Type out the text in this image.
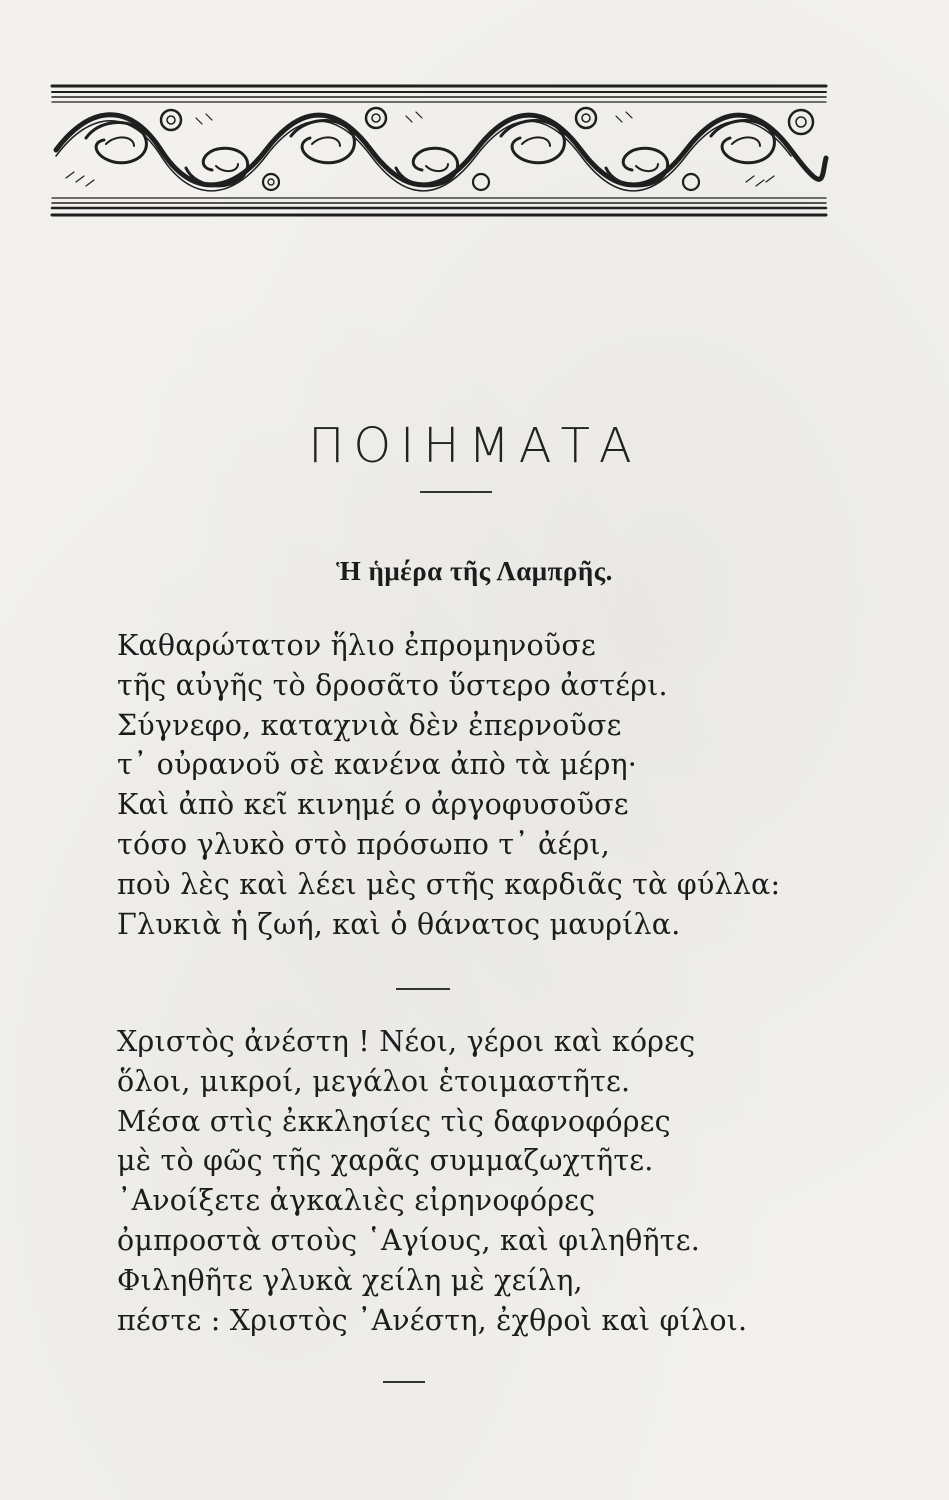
ΠΟΙΗΜΑΤΑ
Ἡ ἡμέρα τῆς Λαμπρῆς.
Καθαρώτατον ἥλιο ἐπρομηνοῦσε
τῆς αὐγῆς τὸ δροσᾶτο ὕστερο ἀστέρι.
Σύγνεφο, καταχνιὰ δὲν ἐπερνοῦσε
τ᾽ οὐρανοῦ σὲ κανένα ἀπὸ τὰ μέρη·
Καὶ ἀπὸ κεῖ κινημέ ο ἀργοφυσοῦσε
τόσο γλυκὸ στὸ πρόσωπο τ᾽ ἀέρι,
ποὺ λὲς καὶ λέει μὲς στῆς καρδιᾶς τὰ φύλλα:
Γλυκιὰ ἡ ζωή, καὶ ὁ θάνατος μαυρίλα.
Χριστὸς ἀνέστη ! Νέοι, γέροι καὶ κόρες
ὅλοι, μικροί, μεγάλοι ἑτοιμαστῆτε.
Μέσα στὶς ἐκκλησίες τὶς δαφνοφόρες
μὲ τὸ φῶς τῆς χαρᾶς συμμαζωχτῆτε.
᾽Ανοίξετε ἀγκαλιὲς εἰρηνοφόρες
ὀμπροστὰ στοὺς ῾Αγίους, καὶ φιληθῆτε.
Φιληθῆτε γλυκὰ χείλη μὲ χείλη,
πέστε : Χριστὸς ᾽Ανέστη, ἐχθροὶ καὶ φίλοι.
